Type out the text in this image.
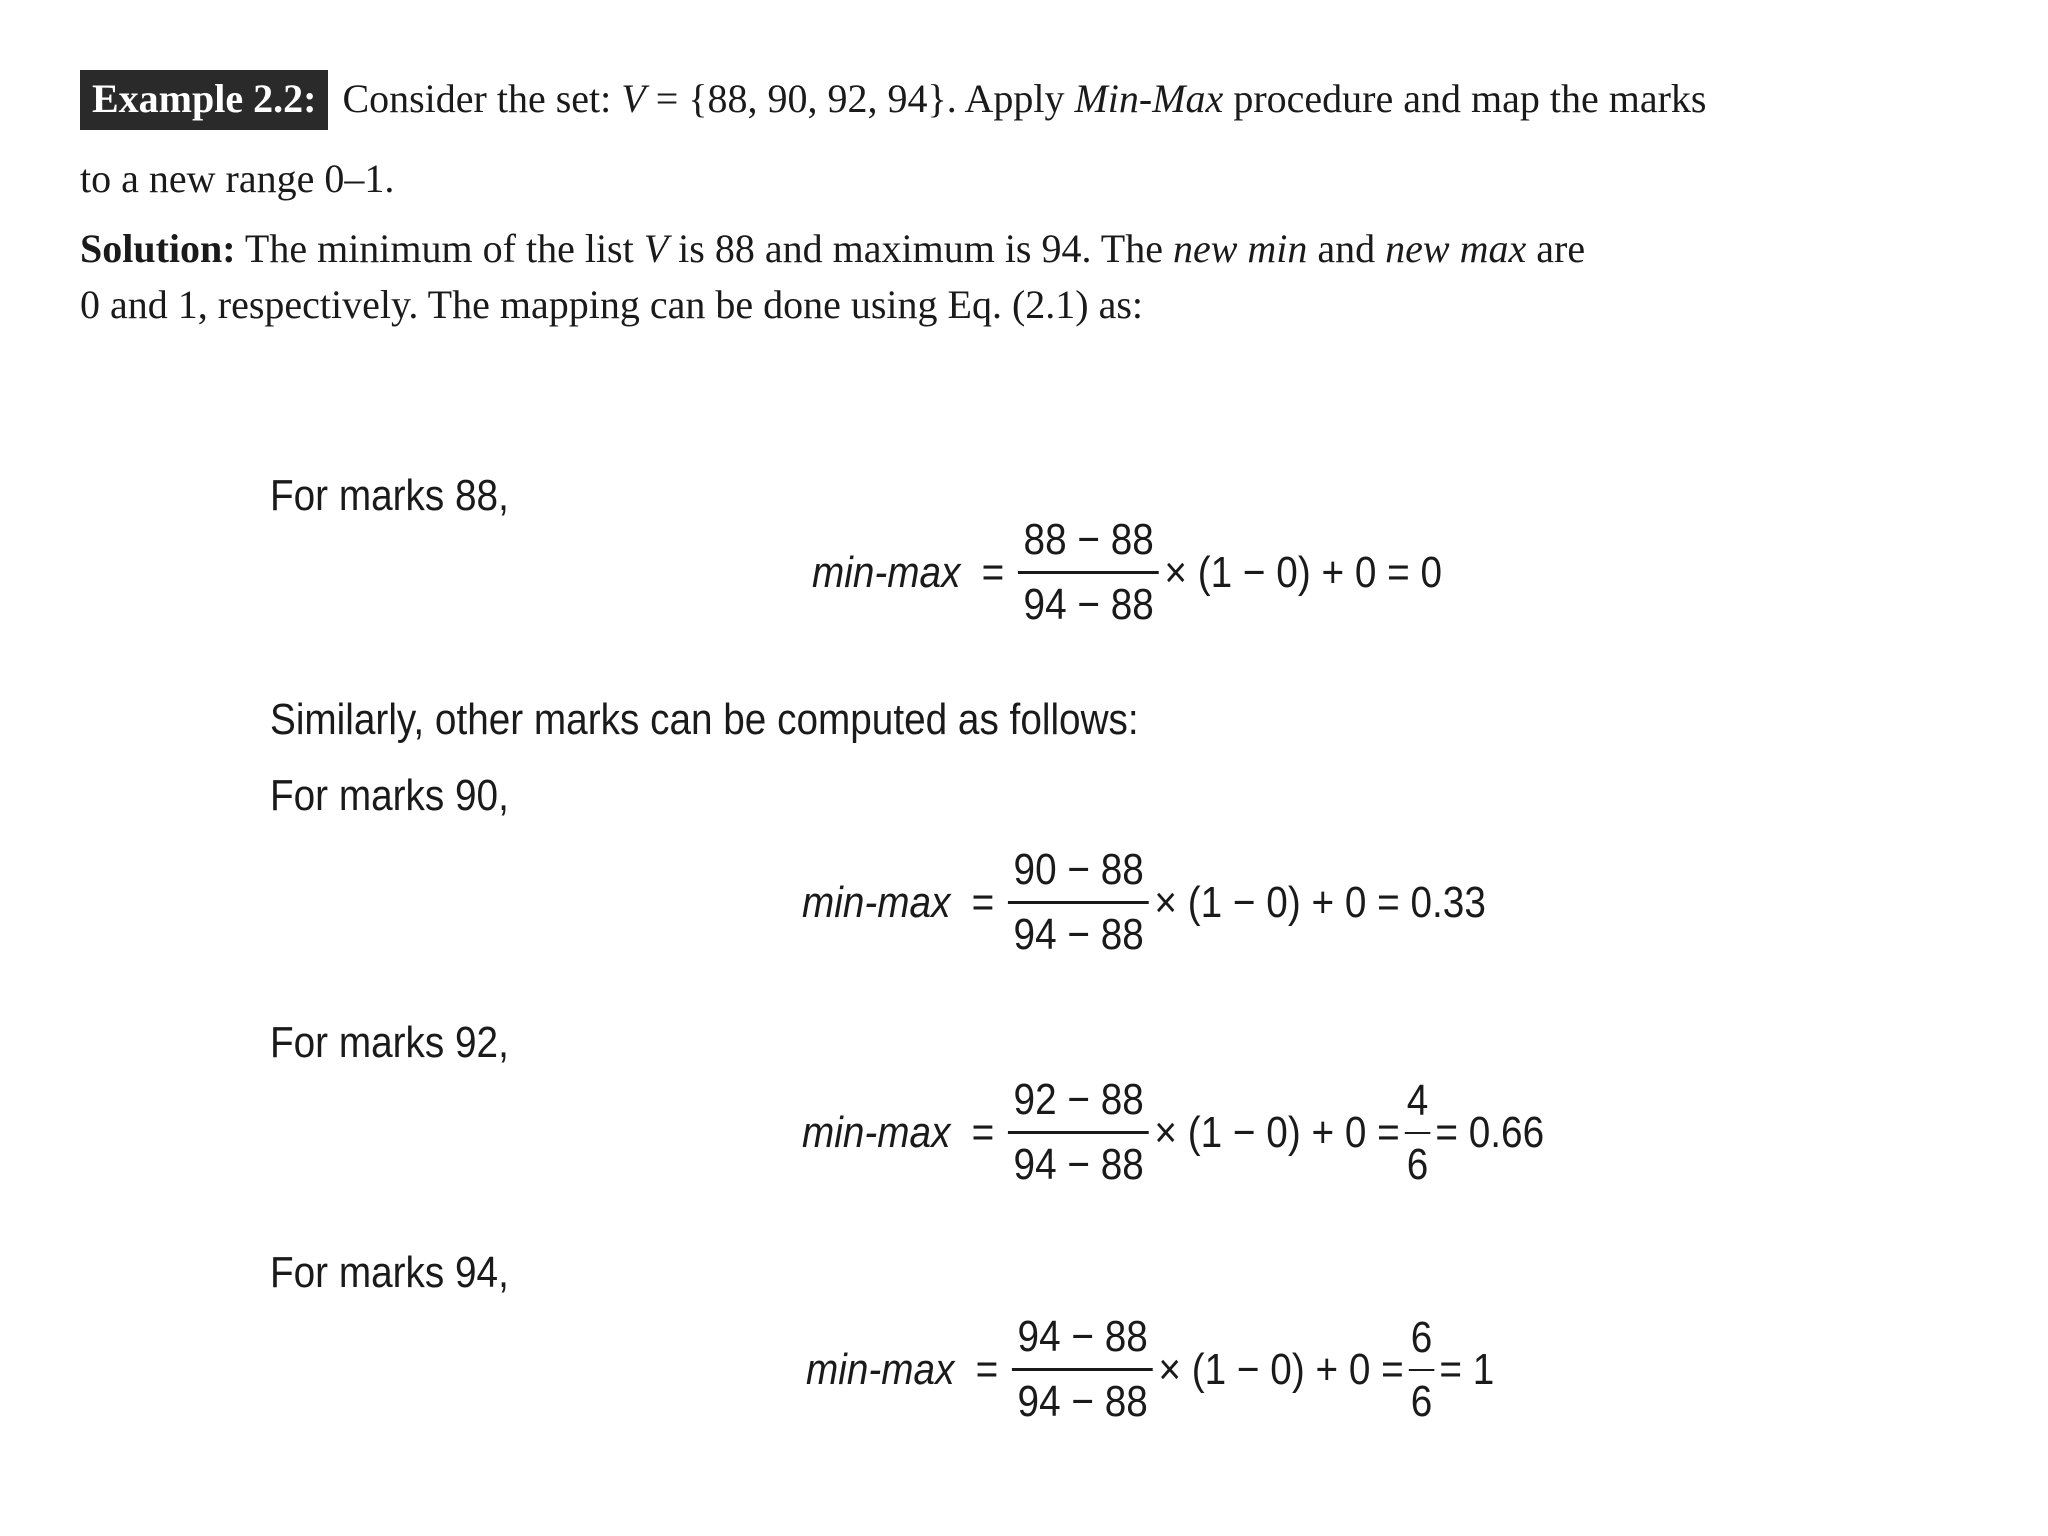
Example 2.2: Consider the set: V = {88, 90, 92, 94}. Apply Min-Max procedure and map the marks
to a new range 0–1.
Solution: The minimum of the list V is 88 and maximum is 94. The new min and new max are
0 and 1, respectively. The mapping can be done using Eq. (2.1) as:
For marks 88,
$\min-\max = \frac{88 - 88}{94 - 88} \times (1 - 0) + 0 = 0$
Similarly, other marks can be computed as follows:
For marks 90,
$\min-\max = \frac{90 - 88}{94 - 88} \times (1 - 0) + 0 = 0.33$
For marks 92,
$\min-\max = \frac{92 - 88}{94 - 88} \times (1 - 0) + 0 = \frac{4}{6} = 0.66$
For marks 94,
$\min-\max = \frac{94 - 88}{94 - 88} \times (1 - 0) + 0 = \frac{6}{6} = 1$
